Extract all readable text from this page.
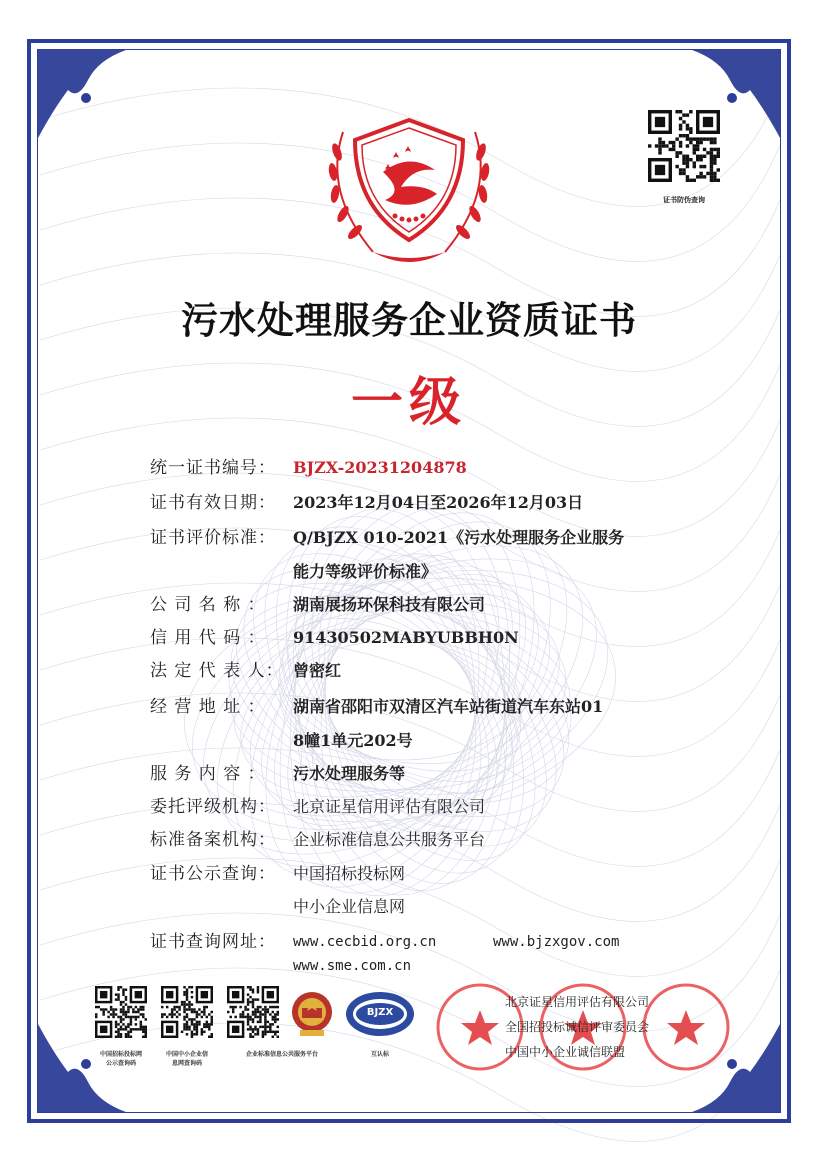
证书防伪查询
污水处理服务企业资质证书
一级
统一证书编号：	BJZX-20231204878
证书有效日期：	2023年12月04日至2026年12月03日
证书评价标准：	Q/BJZX 010-2021《污水处理服务企业服务
能力等级评价标准》
公 司 名 称 ：	湖南展扬环保科技有限公司
信 用 代 码 ：	91430502MABYUBBH0N
法 定 代 表 人： 曾密红
经 营 地 址 ：	湖南省邵阳市双清区汽车站街道汽车东站01
8幢1单元202号
服 务 内 容 ：	污水处理服务等
委托评级机构：	北京证星信用评估有限公司
标准备案机构：	企业标准信息公共服务平台
证书公示查询：	中国招标投标网
中小企业信息网
证书查询网址：	www.cecbid.org.cn	www.bjzxgov.com
www.sme.com.cn
中国招标投标网
公示查询码
中国中小企业信
息网查询码
企业标准信息公共服务平台
BJZX
互认标
北京证星信用评估有限公司
全国招投标诚信评审委员会
中国中小企业诚信联盟
